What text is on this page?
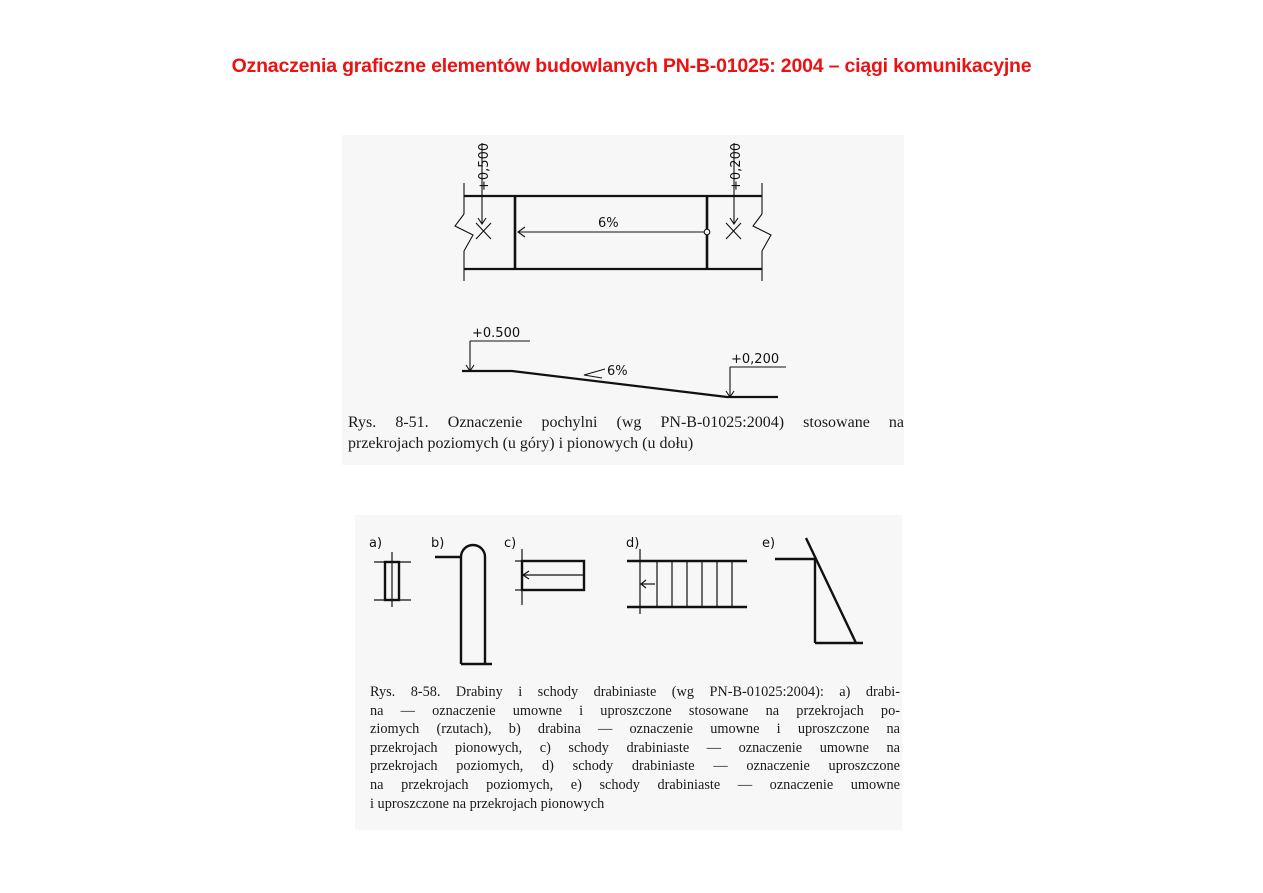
Oznaczenia graficzne elementów budowlanych PN-B-01025: 2004 – ciągi komunikacyjne
+0,500	+0,200
6%
+0.500
+0,200
6%
Rys. 8-51. Oznaczenie pochylni (wg PN-B-01025:2004) stosowane na
przekrojach poziomych (u góry) i pionowych (u dołu)
a)	b)	c)	d)	e)
Rys. 8-58. Drabiny i schody drabiniaste (wg PN-B-01025:2004): a) drabi-
na — oznaczenie umowne i uproszczone stosowane na przekrojach po-
ziomych (rzutach), b) drabina — oznaczenie umowne i uproszczone na
przekrojach pionowych, c) schody drabiniaste — oznaczenie umowne na
przekrojach poziomych, d) schody drabiniaste — oznaczenie uproszczone
na przekrojach poziomych, e) schody drabiniaste — oznaczenie umowne
i uproszczone na przekrojach pionowych
